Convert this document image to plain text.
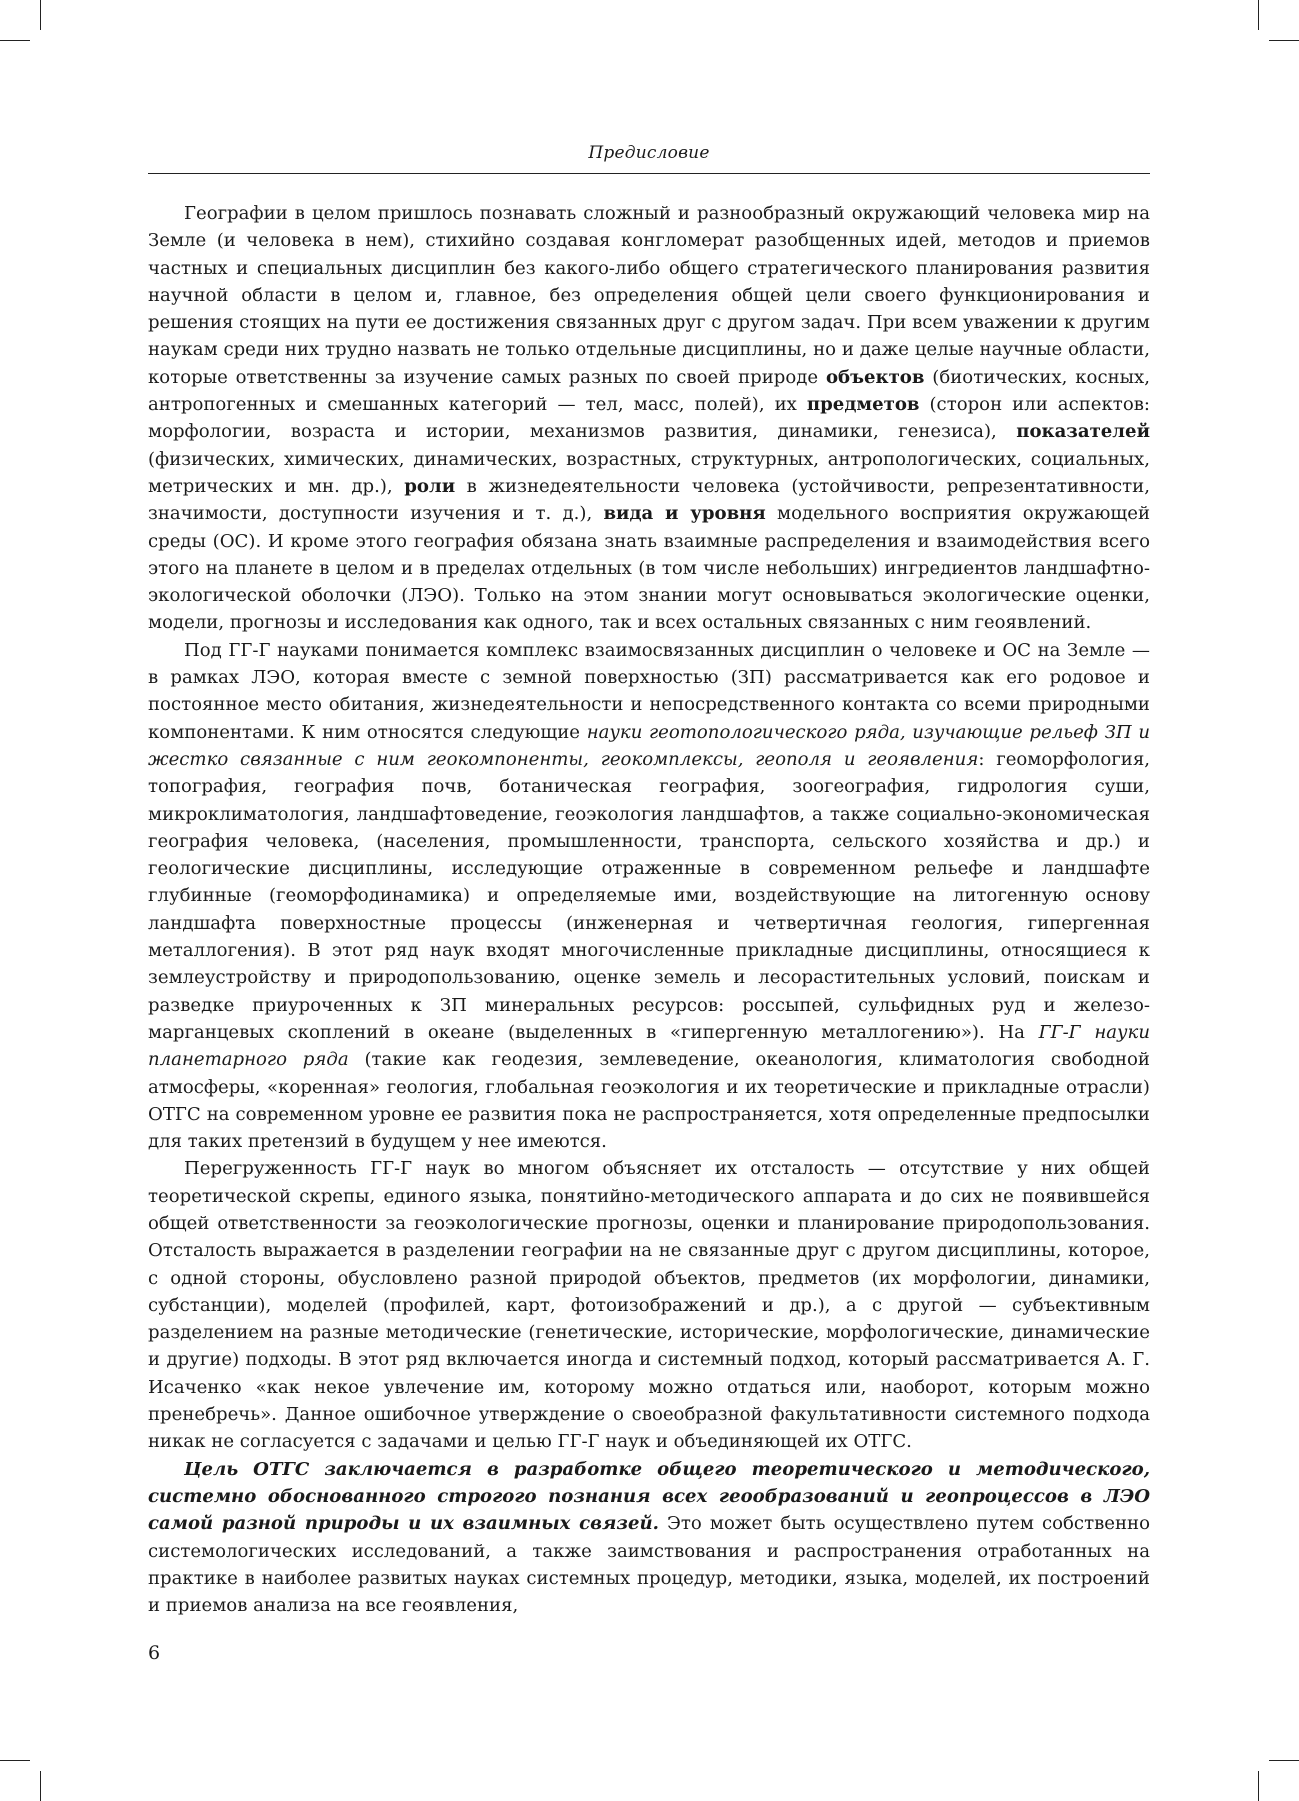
Предисловие

Географии в целом пришлось познавать сложный и разнообразный окружающий человека мир на Земле (и человека в нем), стихийно создавая конгломерат разобщенных идей, методов и приемов частных и специальных дисциплин без какого-либо общего стратегического планирования развития научной области в целом и, главное, без определения общей цели своего функционирования и решения стоящих на пути ее достижения связанных друг с другом задач. При всем уважении к другим наукам среди них трудно назвать не только отдельные дисциплины, но и даже целые научные области, которые ответственны за изучение самых разных по своей природе объектов (биотических, косных, антропогенных и смешанных категорий — тел, масс, полей), их предметов (сторон или аспектов: морфологии, возраста и истории, механизмов развития, динамики, генезиса), показателей (физических, химических, динамических, возрастных, структурных, антропологических, социальных, метрических и мн. др.), роли в жизнедеятельности человека (устойчивости, репрезентативности, значимости, доступности изучения и т. д.), вида и уровня модельного восприятия окружающей среды (ОС). И кроме этого география обязана знать взаимные распределения и взаимодействия всего этого на планете в целом и в пределах отдельных (в том числе небольших) ингредиентов ландшафтно-экологической оболочки (ЛЭО). Только на этом знании могут основываться экологические оценки, модели, прогнозы и исследования как одного, так и всех остальных связанных с ним геоявлений.

Под ГГ-Г науками понимается комплекс взаимосвязанных дисциплин о человеке и ОС на Земле — в рамках ЛЭО, которая вместе с земной поверхностью (ЗП) рассматривается как его родовое и постоянное место обитания, жизнедеятельности и непосредственного контакта со всеми природными компонентами. К ним относятся следующие науки геотопологического ряда, изучающие рельеф ЗП и жестко связанные с ним геокомпоненты, геокомплексы, геополя и геоявления: геоморфология, топография, география почв, ботаническая география, зоогеография, гидрология суши, микроклиматология, ландшафтоведение, геоэкология ландшафтов, а также социально-экономическая география человека, (населения, промышленности, транспорта, сельского хозяйства и др.) и геологические дисциплины, исследующие отраженные в современном рельефе и ландшафте глубинные (геоморфодинамика) и определяемые ими, воздействующие на литогенную основу ландшафта поверхностные процессы (инженерная и четвертичная геология, гипергенная металлогения). В этот ряд наук входят многочисленные прикладные дисциплины, относящиеся к землеустройству и природопользованию, оценке земель и лесорастительных условий, поискам и разведке приуроченных к ЗП минеральных ресурсов: россыпей, сульфидных руд и железо-марганцевых скоплений в океане (выделенных в «гипергенную металлогению»). На ГГ-Г науки планетарного ряда (такие как геодезия, землеведение, океанология, климатология свободной атмосферы, «коренная» геология, глобальная геоэкология и их теоретические и прикладные отрасли) ОТГС на современном уровне ее развития пока не распространяется, хотя определенные предпосылки для таких претензий в будущем у нее имеются.

Перегруженность ГГ-Г наук во многом объясняет их отсталость — отсутствие у них общей теоретической скрепы, единого языка, понятийно-методического аппарата и до сих не появившейся общей ответственности за геоэкологические прогнозы, оценки и планирование природопользования. Отсталость выражается в разделении географии на не связанные друг с другом дисциплины, которое, с одной стороны, обусловлено разной природой объектов, предметов (их морфологии, динамики, субстанции), моделей (профилей, карт, фотоизображений и др.), а с другой — субъективным разделением на разные методические (генетические, исторические, морфологические, динамические и другие) подходы. В этот ряд включается иногда и системный подход, который рассматривается А. Г. Исаченко «как некое увлечение им, которому можно отдаться или, наоборот, которым можно пренебречь». Данное ошибочное утверждение о своеобразной факультативности системного подхода никак не согласуется с задачами и целью ГГ-Г наук и объединяющей их ОТГС.

Цель ОТГС заключается в разработке общего теоретического и методического, системно обоснованного строгого познания всех геообразований и геопроцессов в ЛЭО самой разной природы и их взаимных связей. Это может быть осуществлено путем собственно системологических исследований, а также заимствования и распространения отработанных на практике в наиболее развитых науках системных процедур, методики, языка, моделей, их построений и приемов анализа на все геоявления,

6
